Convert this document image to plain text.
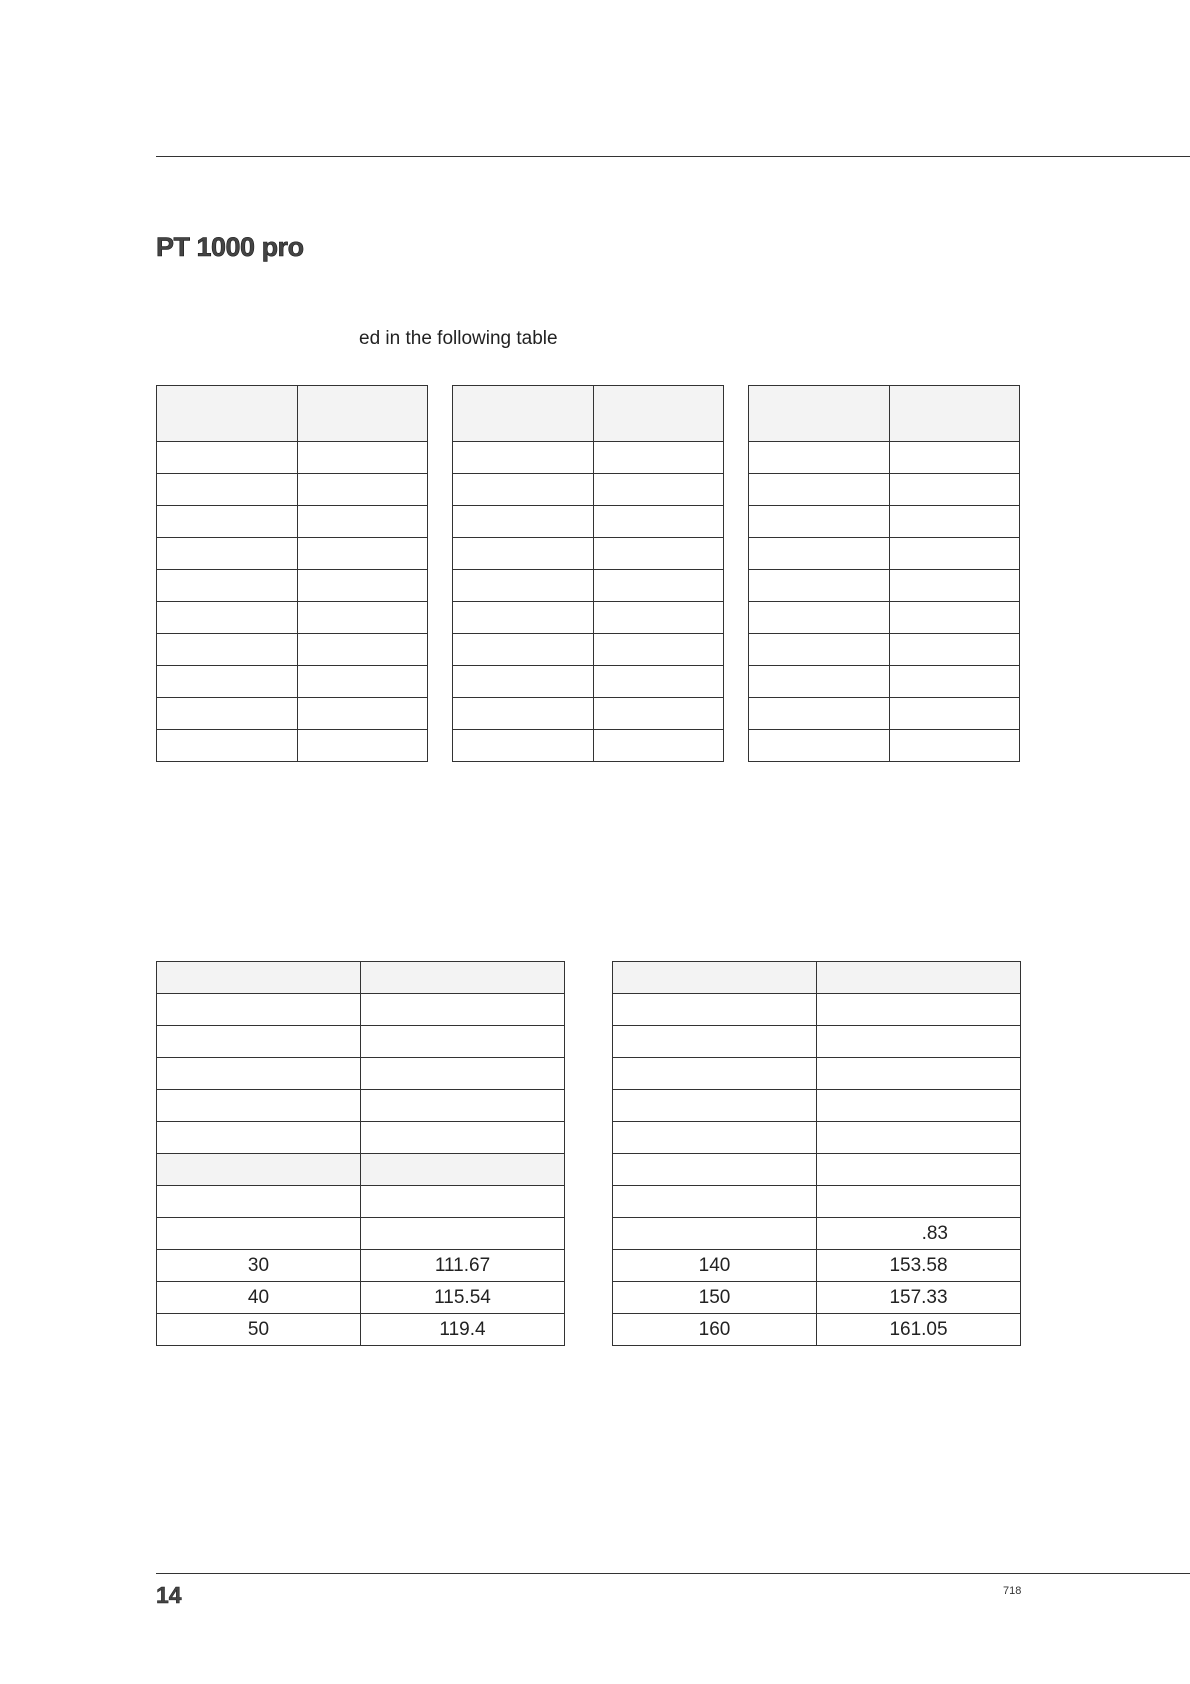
PT 1000 pro

ed in the following table

30	111.67
40	115.54
50	119.4

	.83
140	153.58
150	157.33
160	161.05

14	718
